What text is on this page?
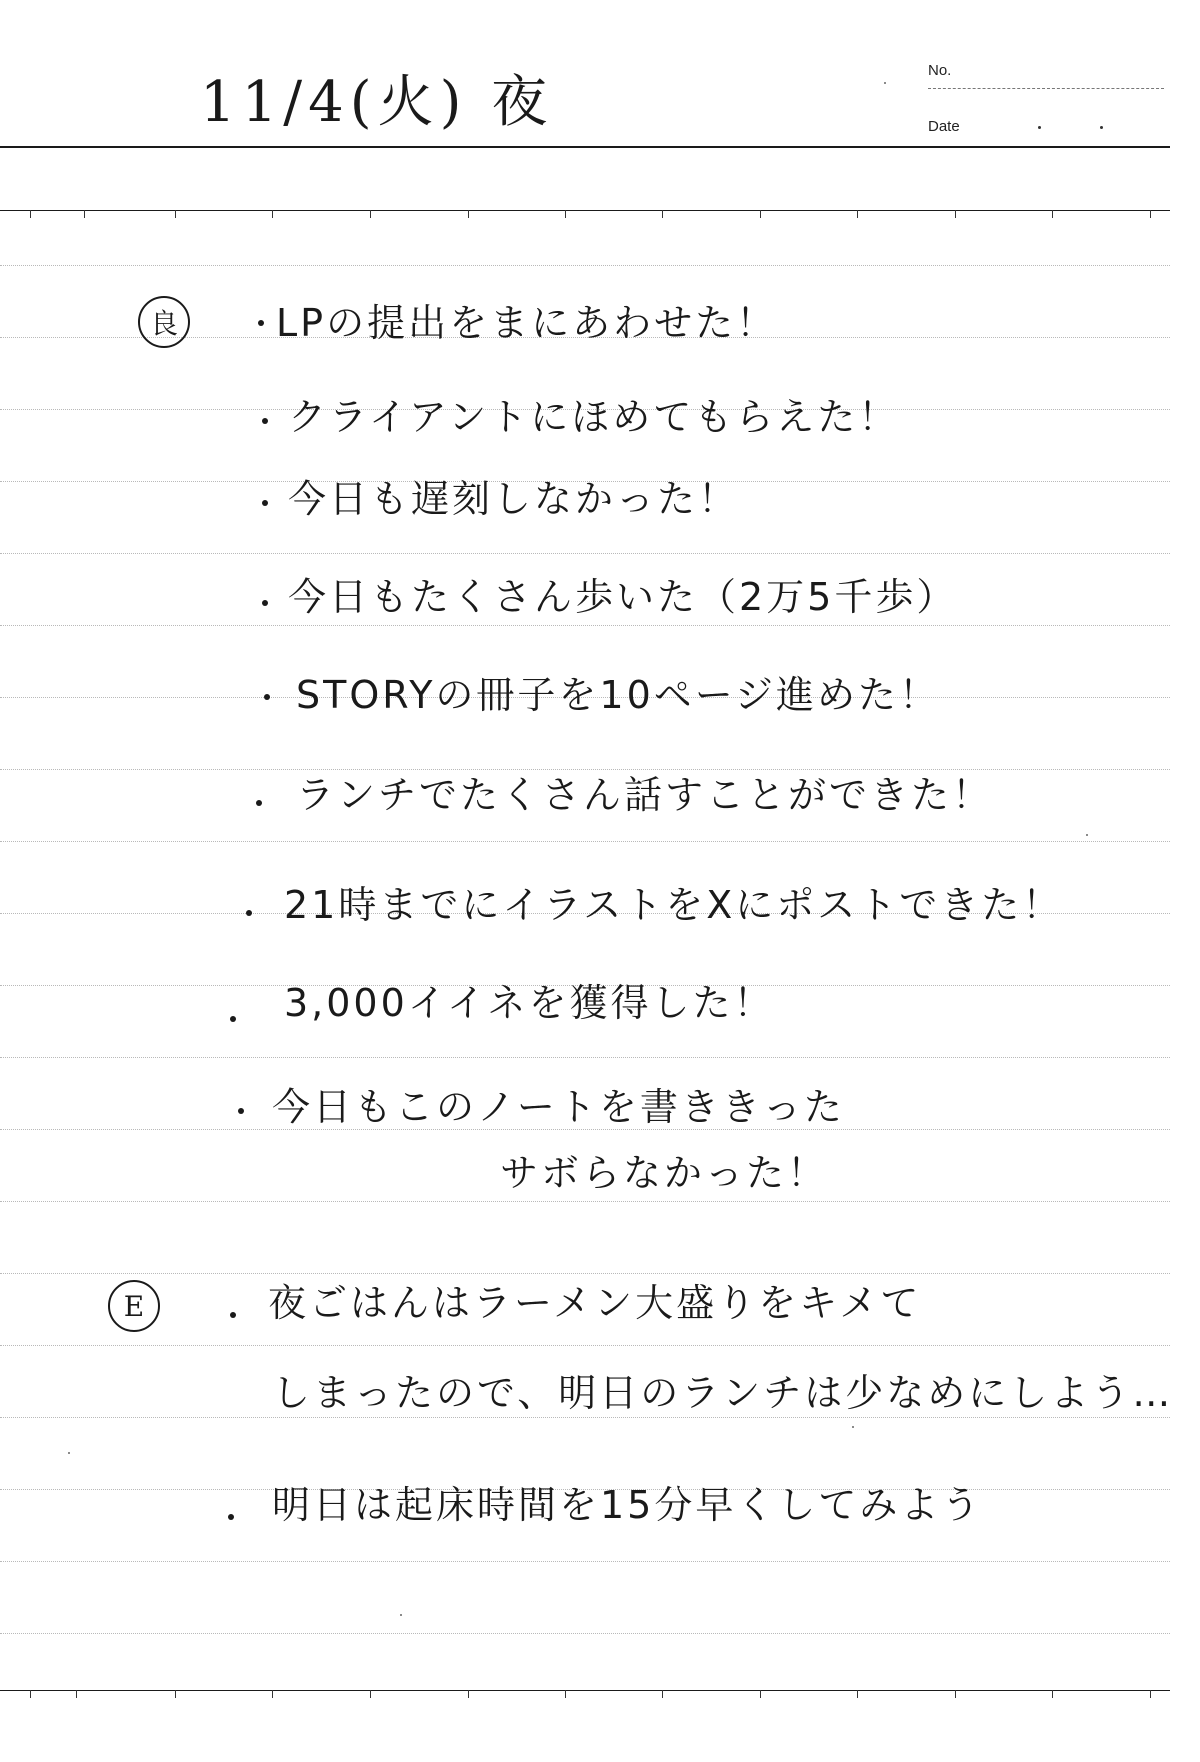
11/4(火) 夜	No.
Date
良	LPの提出をまにあわせた！
クライアントにほめてもらえた！
今日も遅刻しなかった！
今日もたくさん歩いた（2万5千歩）
STORYの冊子を10ページ進めた！
ランチでたくさん話すことができた！
21時までにイラストをXにポストできた！
3,000イイネを獲得した！
今日もこのノートを書ききった
サボらなかった！
E	夜ごはんはラーメン大盛りをキメて
しまったので、明日のランチは少なめにしよう…
明日は起床時間を15分早くしてみよう
